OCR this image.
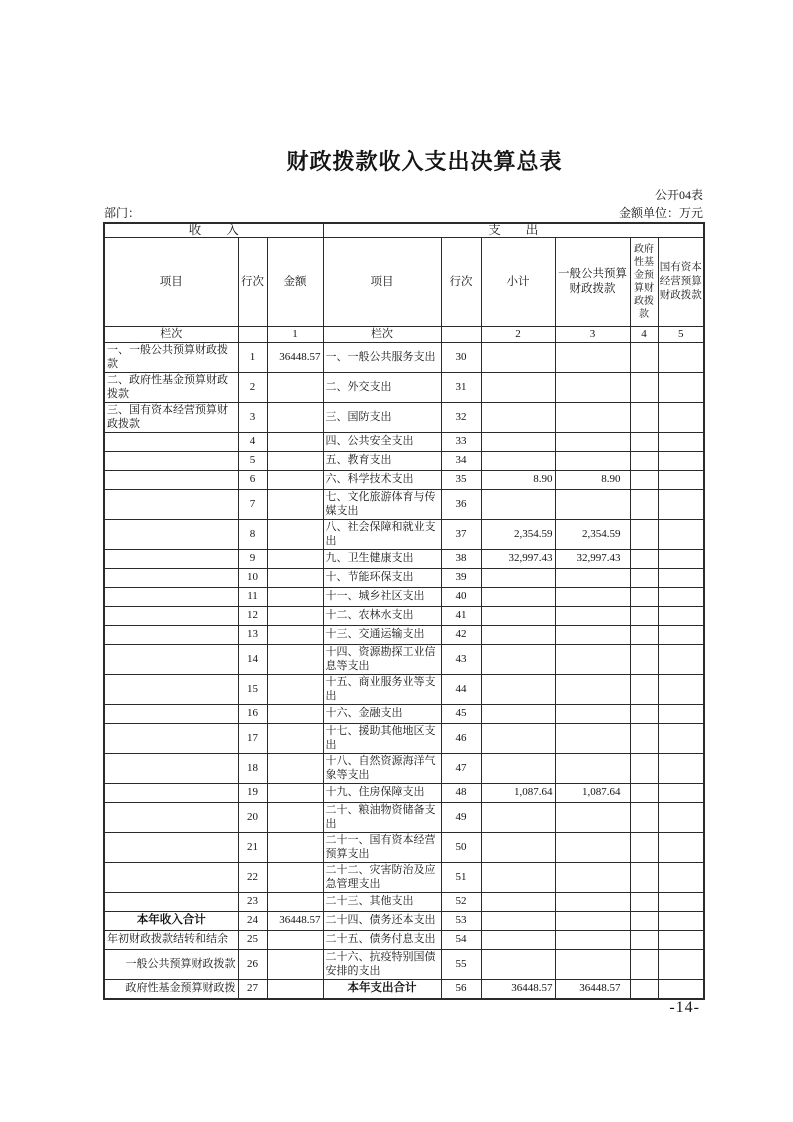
财政拨款收入支出决算总表
公开04表
部门：	金额单位：万元
收　　入			支　　出					
项目	行次	金额	项目	行次	小计	一般公共预算财政拨款	政府性基金预算财政拨款	国有资本经营预算财政拨款
栏次		1	栏次		2	3	4	5
一、一般公共预算财政拨款	1	36448.57	一、一般公共服务支出	30				
二、政府性基金预算财政拨款	2		二、外交支出	31				
三、国有资本经营预算财政拨款	3		三、国防支出	32				
	4		四、公共安全支出	33				
	5		五、教育支出	34				
	6		六、科学技术支出	35	8.90	8.90		
	7		七、文化旅游体育与传媒支出	36				
	8		八、社会保障和就业支出	37	2,354.59	2,354.59		
	9		九、卫生健康支出	38	32,997.43	32,997.43		
	10		十、节能环保支出	39				
	11		十一、城乡社区支出	40				
	12		十二、农林水支出	41				
	13		十三、交通运输支出	42				
	14		十四、资源勘探工业信息等支出	43				
	15		十五、商业服务业等支出	44				
	16		十六、金融支出	45				
	17		十七、援助其他地区支出	46				
	18		十八、自然资源海洋气象等支出	47				
	19		十九、住房保障支出	48	1,087.64	1,087.64		
	20		二十、粮油物资储备支出	49				
	21		二十一、国有资本经营预算支出	50				
	22		二十二、灾害防治及应急管理支出	51				
	23		二十三、其他支出	52				
本年收入合计	24	36448.57	二十四、债务还本支出	53				
年初财政拨款结转和结余	25		二十五、债务付息支出	54				
一般公共预算财政拨款	26		二十六、抗疫特别国债安排的支出	55				
政府性基金预算财政拨	27		本年支出合计	56	36448.57	36448.57		
-14-
